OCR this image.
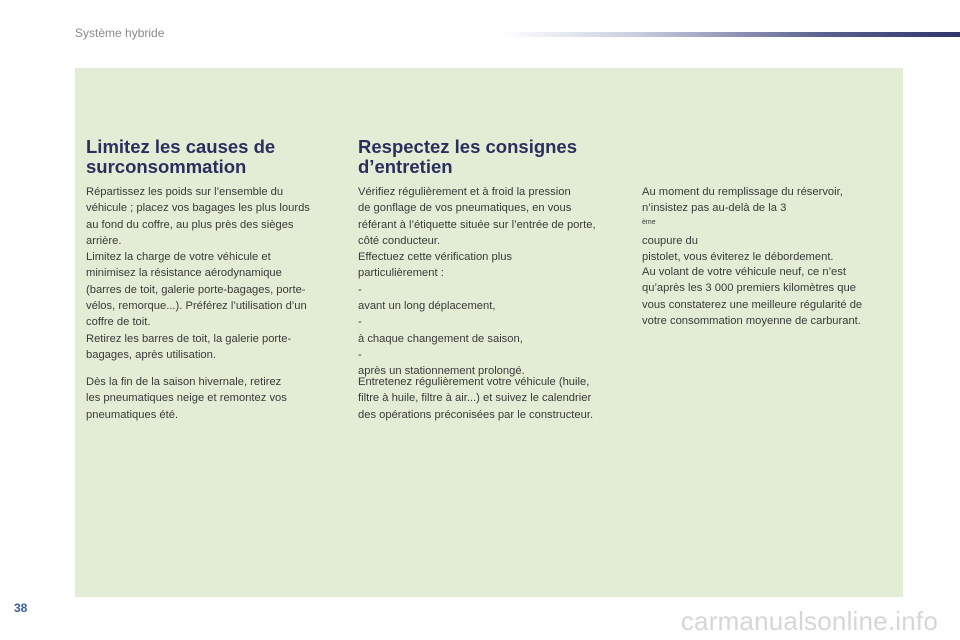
Système hybride
Limitez les causes de
surconsommation
Répartissez les poids sur l’ensemble du
véhicule ; placez vos bagages les plus lourds
au fond du coffre, au plus près des sièges
arrière.
Limitez la charge de votre véhicule et
minimisez la résistance aérodynamique
(barres de toit, galerie porte-bagages, porte-
vélos, remorque...). Préférez l’utilisation d’un
coffre de toit.
Retirez les barres de toit, la galerie porte-
bagages, après utilisation.
Dès la fin de la saison hivernale, retirez
les pneumatiques neige et remontez vos
pneumatiques été.
Respectez les consignes
d’entretien
Vérifiez régulièrement et à froid la pression
de gonflage de vos pneumatiques, en vous
référant à l’étiquette située sur l’entrée de porte,
côté conducteur.
Effectuez cette vérification plus
particulièrement :
-
avant un long déplacement,
-
à chaque changement de saison,
-
après un stationnement prolongé.
Entretenez régulièrement votre véhicule (huile,
filtre à huile, filtre à air...) et suivez le calendrier
des opérations préconisées par le constructeur.
Au moment du remplissage du réservoir,
n’insistez pas au-delà de la 3
$^{ème}$
coupure du
pistolet, vous éviterez le débordement.
Au volant de votre véhicule neuf, ce n’est
qu’après les 3 000 premiers kilomètres que
vous constaterez une meilleure régularité de
votre consommation moyenne de carburant.
38	carmanualsonline.info
